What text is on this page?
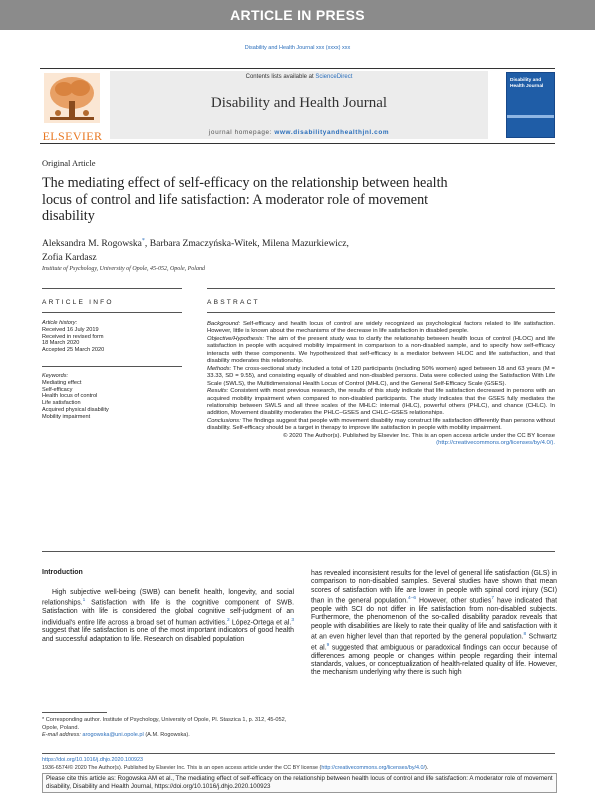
ARTICLE IN PRESS
Disability and Health Journal xxx (xxxx) xxx
ELSEVIER
Contents lists available at ScienceDirect
Disability and Health Journal
journal homepage: www.disabilityandhealthjnl.com
Disability and Health Journal
Original Article
The mediating effect of self-efficacy on the relationship between health locus of control and life satisfaction: A moderator role of movement disability
Aleksandra M. Rogowska*, Barbara Zmaczyńska-Witek, Milena Mazurkiewicz,
Zofia Kardasz
Institute of Psychology, University of Opole, 45-052, Opole, Poland
ARTICLE INFO	ABSTRACT
Article history:
Received 16 July 2019
Received in revised form
18 March 2020
Accepted 25 March 2020
Keywords:
Mediating effect
Self-efficacy
Health locus of control
Life satisfaction
Acquired physical disability
Mobility impairment

Background: Self-efficacy and health locus of control are widely recognized as psychological factors related to life satisfaction. However, little is known about the mechanisms of the decrease in life satisfaction in disabled people.

Objective/Hypothesis: The aim of the present study was to clarify the relationship between health locus of control (HLOC) and life satisfaction in people with acquired mobility impairment in comparison to a non-disabled sample, and to specify how self-efficacy interacts with these components. We hypothesized that self-efficacy is a mediator between HLOC and life satisfaction, and that disability moderates this relationship.

Methods: The cross-sectional study included a total of 120 participants (including 50% women) aged between 18 and 63 years (M = 33.33, SD = 9.55), and consisting equally of disabled and non-disabled persons. Data were collected using the Satisfaction With Life Scale (SWLS), the Multidimensional Health Locus of Control (MHLC), and the General Self-Efficacy Scale (GSES).

Results: Consistent with most previous research, the results of this study indicate that life satisfaction decreased in persons with an acquired mobility impairment when compared to non-disabled participants. The study indicates that the GSES fully mediates the relationship between SWLS and all three scales of the MHLC: internal (IHLC), powerful others (PHLC), and chance (CHLC). In addition, Movement disability moderates the PHLC–GSES and CHLC–GSES relationships.

Conclusions: The findings suggest that people with movement disability may construct life satisfaction differently than persons without disability. Self-efficacy should be a target in therapy to improve life satisfaction in people with mobility impairment.

© 2020 The Author(s). Published by Elsevier Inc. This is an open access article under the CC BY license
(http://creativecommons.org/licenses/by/4.0/).

Introduction

High subjective well-being (SWB) can benefit health, longevity, and social relationships.$^1$ Satisfaction with life is the cognitive component of SWB. Satisfaction with life is considered the global cognitive self-judgment of an individual's entire life across a broad set of human activities.$^2$ López-Ortega et al.$^3$ suggest that life satisfaction is one of the most important indicators of good health and successful adaptation to life. Research on disabled population

has revealed inconsistent results for the level of general life satisfaction (GLS) in comparison to non-disabled samples. Several studies have shown that mean scores of satisfaction with life are lower in people with spinal cord injury (SCI) than in the general population.$^{4-6}$ However, other studies$^7$ have indicated that people with SCI do not differ in life satisfaction from non-disabled subjects. Furthermore, the phenomenon of the so-called disability paradox reveals that people with disabilities are likely to rate their quality of life and satisfaction with it at an even higher level than that reported by the general population.$^8$ Schwartz et al.$^9$ suggested that ambiguous or paradoxical findings can occur because of differences among people or changes within people regarding their internal standards, values, or conceptualization of health-related quality of life. However, the mechanism underlying why there is such high

* Corresponding author. Institute of Psychology, University of Opole, Pl. Staszica 1, p. 312, 45-052, Opole, Poland.
E-mail address: arogowska@uni.opole.pl (A.M. Rogowska).
https://doi.org/10.1016/j.dhjo.2020.100923
1936-6574/© 2020 The Author(s). Published by Elsevier Inc. This is an open access article under the CC BY license (http://creativecommons.org/licenses/by/4.0/).
Please cite this article as: Rogowska AM et al., The mediating effect of self-efficacy on the relationship between health locus of control and life satisfaction: A moderator role of movement disability, Disability and Health Journal, https://doi.org/10.1016/j.dhjo.2020.100923
